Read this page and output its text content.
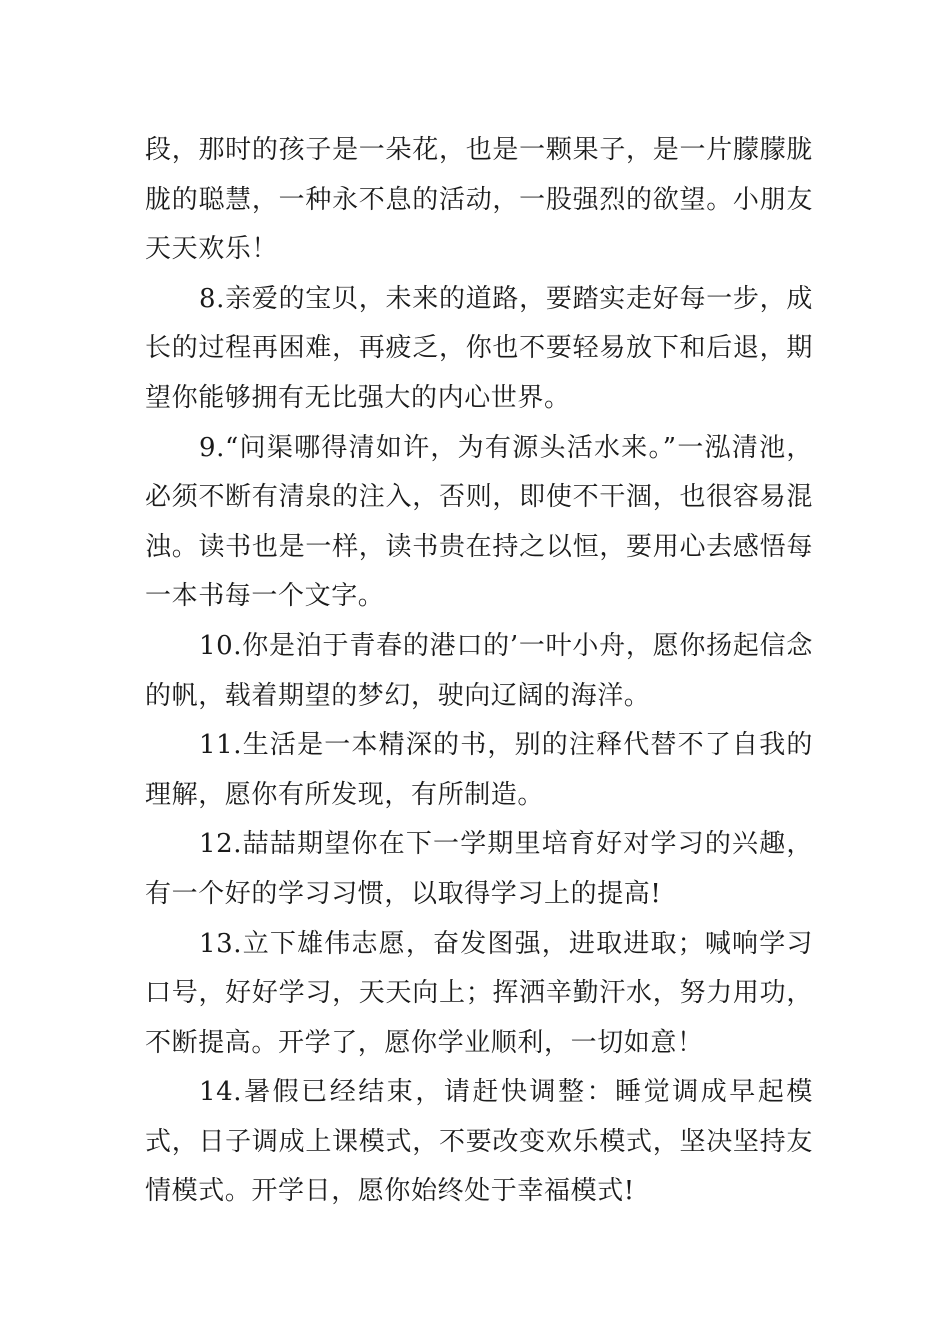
段，那时的孩子是一朵花，也是一颗果子，是一片朦朦胧胧的聪慧，一种永不息的活动，一股强烈的欲望。小朋友天天欢乐！

8.亲爱的宝贝，未来的道路，要踏实走好每一步，成长的过程再困难，再疲乏，你也不要轻易放下和后退，期望你能够拥有无比强大的内心世界。

9.“问渠哪得清如许，为有源头活水来。”一泓清池，必须不断有清泉的注入，否则，即使不干涸，也很容易混浊。读书也是一样，读书贵在持之以恒，要用心去感悟每一本书每一个文字。

10.你是泊于青春的港口的’一叶小舟，愿你扬起信念的帆，载着期望的梦幻，驶向辽阔的海洋。

11.生活是一本精深的书，别的注释代替不了自我的理解，愿你有所发现，有所制造。

12.喆喆期望你在下一学期里培育好对学习的兴趣，有一个好的学习习惯，以取得学习上的提高!

13.立下雄伟志愿，奋发图强，进取进取；喊响学习口号，好好学习，天天向上；挥洒辛勤汗水，努力用功，不断提高。开学了，愿你学业顺利，一切如意！

14.暑假已经结束，请赶快调整：睡觉调成早起模式，日子调成上课模式，不要改变欢乐模式，坚决坚持友情模式。开学日，愿你始终处于幸福模式!
